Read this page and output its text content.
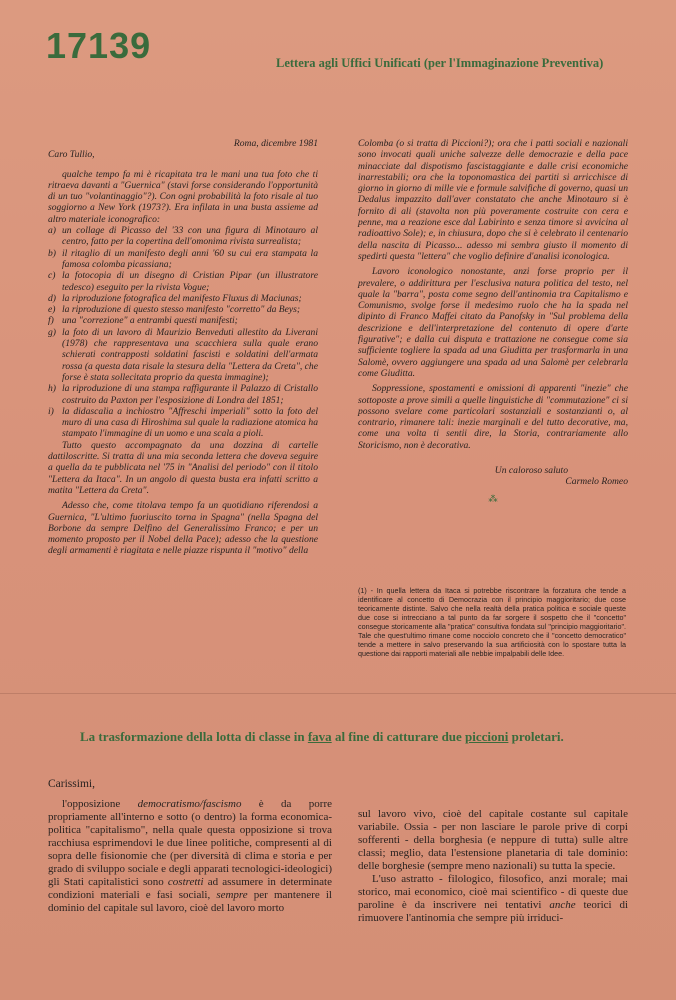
17139	Lettera agli Uffici Unificati (per l'Immaginazione Preventiva)

Roma, dicembre 1981

Caro Tullio,

qualche tempo fa mi è ricapitata tra le mani una tua foto che ti ritraeva davanti a "Guernica" (stavi forse considerando l'opportunità di un tuo "volantinaggio"?). Con ogni probabilità la foto risale al tuo soggiorno a New York (1973?). Era infilata in una busta assieme ad altro materiale iconografico:

a) un collage di Picasso del '33 con una figura di Minotauro al centro, fatto per la copertina dell'omonima rivista surrealista;
b) il ritaglio di un manifesto degli anni '60 su cui era stampata la famosa colomba picassiana;
c) la fotocopia di un disegno di Cristian Pipar (un illustratore tedesco) eseguito per la rivista Vogue;
d) la riproduzione fotografica del manifesto Fluxus di Maciunas;
e) la riproduzione di questo stesso manifesto "corretto" da Beys;
f) una "correzione" a entrambi questi manifesti;
g) la foto di un lavoro di Maurizio Benveduti allestito da Liverani (1978) che rappresentava una scacchiera sulla quale erano schierati contrapposti soldatini fascisti e soldatini dell'armata rossa (a questa data risale la stesura della "Lettera da Creta", che forse è stata sollecitata proprio da questa immagine);
h) la riproduzione di una stampa raffigurante il Palazzo di Cristallo costruito da Paxton per l'esposizione di Londra del 1851;
i) la didascalia a inchiostro "Affreschi imperiali" sotto la foto del muro di una casa di Hiroshima sul quale la radiazione atomica ha stampato l'immagine di un uomo e una scala a pioli.

Tutto questo accompagnato da una dozzina di cartelle dattiloscritte. Si tratta di una mia seconda lettera che doveva seguire a quella da te pubblicata nel '75 in "Analisi del periodo" con il titolo "Lettera da Itaca". In un angolo di questa busta era infatti scritto a matita "Lettera da Creta".

Adesso che, come titolava tempo fa un quotidiano riferendosi a Guernica, "L'ultimo fuoriuscito torna in Spagna" (nella Spagna del Borbone da sempre Delfino del Generalissimo Franco; e per un momento proposto per il Nobel della Pace); adesso che la questione degli armamenti è riagitata e nelle piazze rispunta il "motivo" della

Colomba (o si tratta di Piccioni?); ora che i patti sociali e nazionali sono invocati quali uniche salvezze delle democrazie e della pace minacciate dal dispotismo fascistaggiante e dalle crisi economiche inarrestabili; ora che la toponomastica dei partiti si arricchisce di giorno in giorno di mille vie e formule salvifiche di governo, quasi un Dedalus impazzito dall'aver constatato che anche Minotauro si è fornito di ali (stavolta non più poveramente costruite con cera e penne, ma a reazione esce dal Labirinto e senza timore si avvicina al radioattivo Sole); e, in chiusura, dopo che si è celebrato il centenario della nascita di Picasso... adesso mi sembra giusto il momento di spedirti questa "lettera" che voglio definire d'analisi iconologica.

Lavoro iconologico nonostante, anzi forse proprio per il prevalere, o addirittura per l'esclusiva natura politica del testo, nel quale la "barra", posta come segno dell'antinomia tra Capitalismo e Comunismo, svolge forse il medesimo ruolo che ha la spada nel dipinto di Franco Maffei citato da Panofsky in "Sul problema della descrizione e dell'interpretazione del contenuto di opere d'arte figurative"; e dalla cui disputa e trattazione ne consegue come sia sufficiente togliere la spada ad una Giuditta per trasformarla in una Salomè, ovvero aggiungere una spada ad una Salomè per celebrarla come Giuditta.

Soppressione, spostamenti e omissioni di apparenti "inezie" che sottoposte a prove simili a quelle linguistiche di "commutazione" ci si possono svelare come particolari sostanziali e sostanzianti o, al contrario, rimanere tali: inezie marginali e del tutto decorative, ma, come una volta ti sentii dire, la Storia, contrariamente allo Storicismo, non è decorativa.

Un caloroso saluto

Carmelo Romeo

⁂

(1) - In quella lettera da Itaca si potrebbe riscontrare la forzatura che tende a identificare al concetto di Democrazia con il principio maggioritario; due cose teoricamente distinte. Salvo che nella realtà della pratica politica e sociale queste due cose si intrecciano a tal punto da far sorgere il sospetto che il "concetto" consegue storicamente alla "pratica" consultiva fondata sul "principio maggioritario". Tale che quest'ultimo rimane come nocciolo concreto che il "concetto democratico" tende a mettere in salvo preservando la sua artificiosità con lo spostare tutta la questione dai rapporti materiali alle nebbie impalpabili delle Idee.
La trasformazione della lotta di classe in fava al fine di catturare due piccioni proletari.
Carissimi,

l'opposizione democratismo/fascismo è da porre propriamente all'interno e sotto (o dentro) la forma economica-politica "capitalismo", nella quale questa opposizione si trova racchiusa esprimendovi le due linee politiche, compresenti al di sopra delle fisionomie che (per diversità di clima e storia e per grado di sviluppo sociale e degli apparati tecnologici-ideologici) gli Stati capitalistici sono costretti ad assumere in determinate condizioni materiali e fasi sociali, sempre per mantenere il dominio del capitale sul lavoro, cioè del lavoro morto

sul lavoro vivo, cioè del capitale costante sul capitale variabile. Ossia - per non lasciare le parole prive di corpi sofferenti - della borghesia (e neppure di tutta) sulle altre classi; meglio, data l'estensione planetaria di tale dominio: delle borghesie (sempre meno nazionali) su tutta la specie.

L'uso astratto - filologico, filosofico, anzi morale; mai storico, mai economico, cioè mai scientifico - di queste due paroline è da inscrivere nei tentativi anche teorici di rimuovere l'antinomia che sempre più irriduci-
